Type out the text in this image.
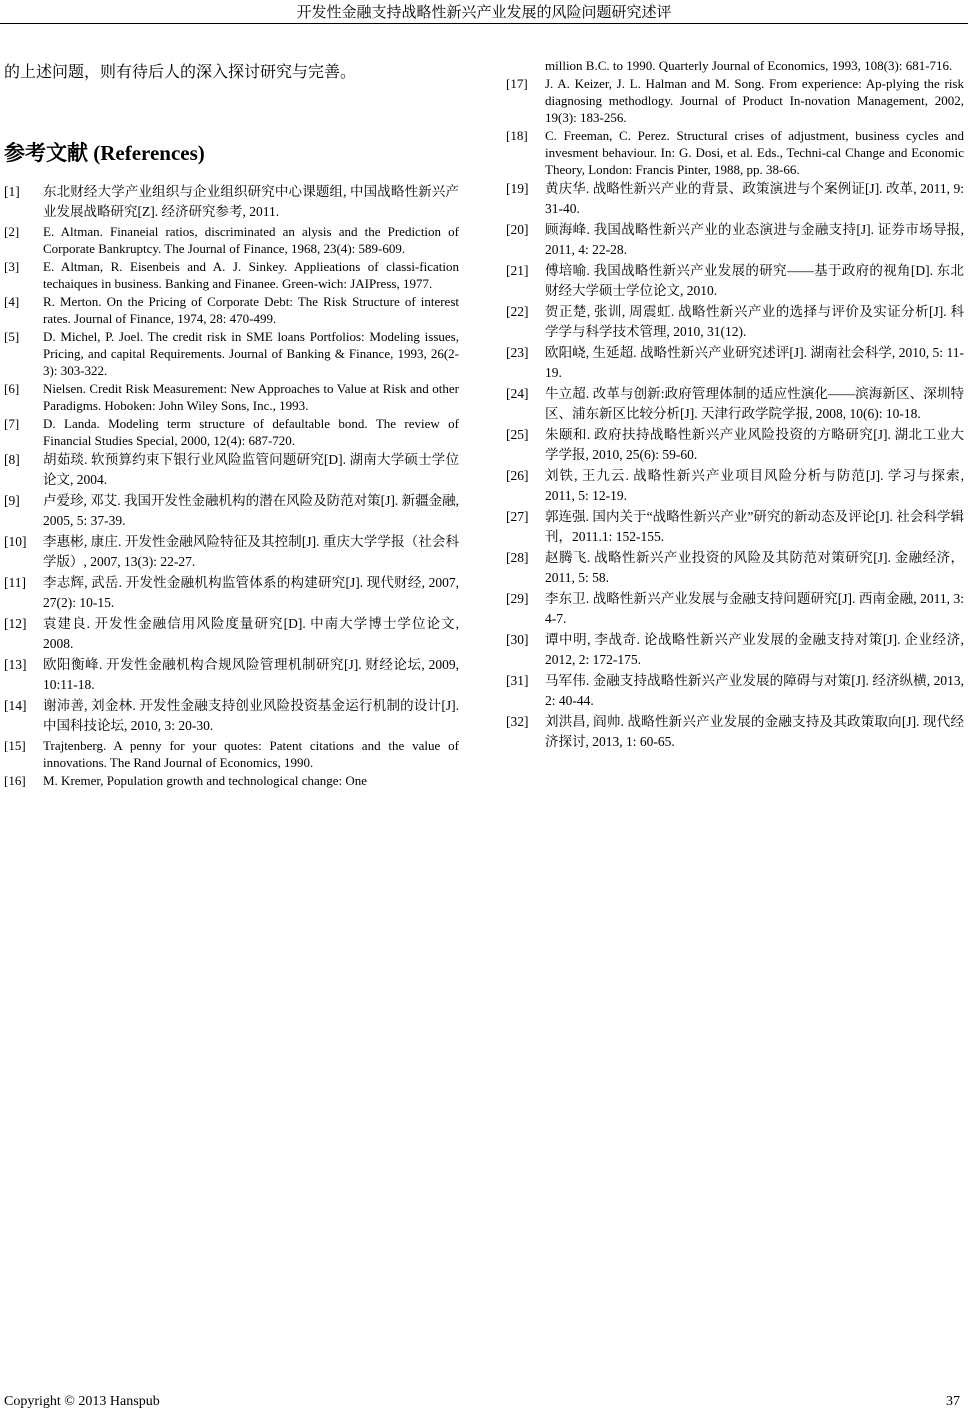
开发性金融支持战略性新兴产业发展的风险问题研究述评
的上述问题，则有待后人的深入探讨研究与完善。
参考文献 (References)
[1]	东北财经大学产业组织与企业组织研究中心课题组, 中国战略性新兴产业发展战略研究[Z]. 经济研究参考, 2011.
[2]	E. Altman. Finaneial ratios, discriminated an alysis and the Prediction of Corporate Bankruptcy. The Journal of Finance, 1968, 23(4): 589-609.
[3]	E. Altman, R. Eisenbeis and A. J. Sinkey. Applieations of classi-fication techaiques in business. Banking and Finanee. Green-wich: JAIPress, 1977.
[4]	R. Merton. On the Pricing of Corporate Debt: The Risk Structure of interest rates. Journal of Finance, 1974, 28: 470-499.
[5]	D. Michel, P. Joel. The credit risk in SME loans Portfolios: Modeling issues, Pricing, and capital Requirements. Journal of Banking & Finance, 1993, 26(2-3): 303-322.
[6]	Nielsen. Credit Risk Measurement: New Approaches to Value at Risk and other Paradigms. Hoboken: John Wiley Sons, Inc., 1993.
[7]	D. Landa. Modeling term structure of defaultable bond. The review of Financial Studies Special, 2000, 12(4): 687-720.
[8]	胡茹琰. 软预算约束下银行业风险监管问题研究[D]. 湖南大学硕士学位论文, 2004.
[9]	卢爱珍, 邓艾. 我国开发性金融机构的潜在风险及防范对策[J]. 新疆金融, 2005, 5: 37-39.
[10]	李惠彬, 康庄. 开发性金融风险特征及其控制[J]. 重庆大学学报（社会科学版）, 2007, 13(3): 22-27.
[11]	李志辉, 武岳. 开发性金融机构监管体系的构建研究[J]. 现代财经, 2007, 27(2): 10-15.
[12]	袁建良. 开发性金融信用风险度量研究[D]. 中南大学博士学位论文, 2008.
[13]	欧阳衡峰. 开发性金融机构合规风险管理机制研究[J]. 财经论坛, 2009, 10:11-18.
[14]	谢沛善, 刘金林. 开发性金融支持创业风险投资基金运行机制的设计[J]. 中国科技论坛, 2010, 3: 20-30.
[15]	Trajtenberg. A penny for your quotes: Patent citations and the value of innovations. The Rand Journal of Economics, 1990.
[16]	M. Kremer, Population growth and technological change: One
million B.C. to 1990. Quarterly Journal of Economics, 1993, 108(3): 681-716.
[17]	J. A. Keizer, J. L. Halman and M. Song. From experience: Ap-plying the risk diagnosing methodlogy. Journal of Product In-novation Management, 2002, 19(3): 183-256.
[18]	C. Freeman, C. Perez. Structural crises of adjustment, business cycles and invesment behaviour. In: G. Dosi, et al. Eds., Techni-cal Change and Economic Theory, London: Francis Pinter, 1988, pp. 38-66.
[19]	黄庆华. 战略性新兴产业的背景、政策演进与个案例证[J]. 改革, 2011, 9: 31-40.
[20]	顾海峰. 我国战略性新兴产业的业态演进与金融支持[J]. 证券市场导报, 2011, 4: 22-28.
[21]	傅培喻. 我国战略性新兴产业发展的研究——基于政府的视角[D]. 东北财经大学硕士学位论文, 2010.
[22]	贺正楚, 张训, 周震虹. 战略性新兴产业的选择与评价及实证分析[J]. 科学学与科学技术管理, 2010, 31(12).
[23]	欧阳峣, 生延超. 战略性新兴产业研究述评[J]. 湖南社会科学, 2010, 5: 11-19.
[24]	牛立超. 改革与创新:政府管理体制的适应性演化——滨海新区、深圳特区、浦东新区比较分析[J]. 天津行政学院学报, 2008, 10(6): 10-18.
[25]	朱颐和. 政府扶持战略性新兴产业风险投资的方略研究[J]. 湖北工业大学学报, 2010, 25(6): 59-60.
[26]	刘铁, 王九云. 战略性新兴产业项目风险分析与防范[J]. 学习与探索, 2011, 5: 12-19.
[27]	郭连强. 国内关于“战略性新兴产业”研究的新动态及评论[J]. 社会科学辑刊，2011.1: 152-155.
[28]	赵腾飞. 战略性新兴产业投资的风险及其防范对策研究[J]. 金融经济，2011, 5: 58.
[29]	李东卫. 战略性新兴产业发展与金融支持问题研究[J]. 西南金融, 2011, 3: 4-7.
[30]	谭中明, 李战奇. 论战略性新兴产业发展的金融支持对策[J]. 企业经济, 2012, 2: 172-175.
[31]	马军伟. 金融支持战略性新兴产业发展的障碍与对策[J]. 经济纵横, 2013, 2: 40-44.
[32]	刘洪昌, 阎帅. 战略性新兴产业发展的金融支持及其政策取向[J]. 现代经济探讨, 2013, 1: 60-65.
Copyright © 2013 Hanspub	37
